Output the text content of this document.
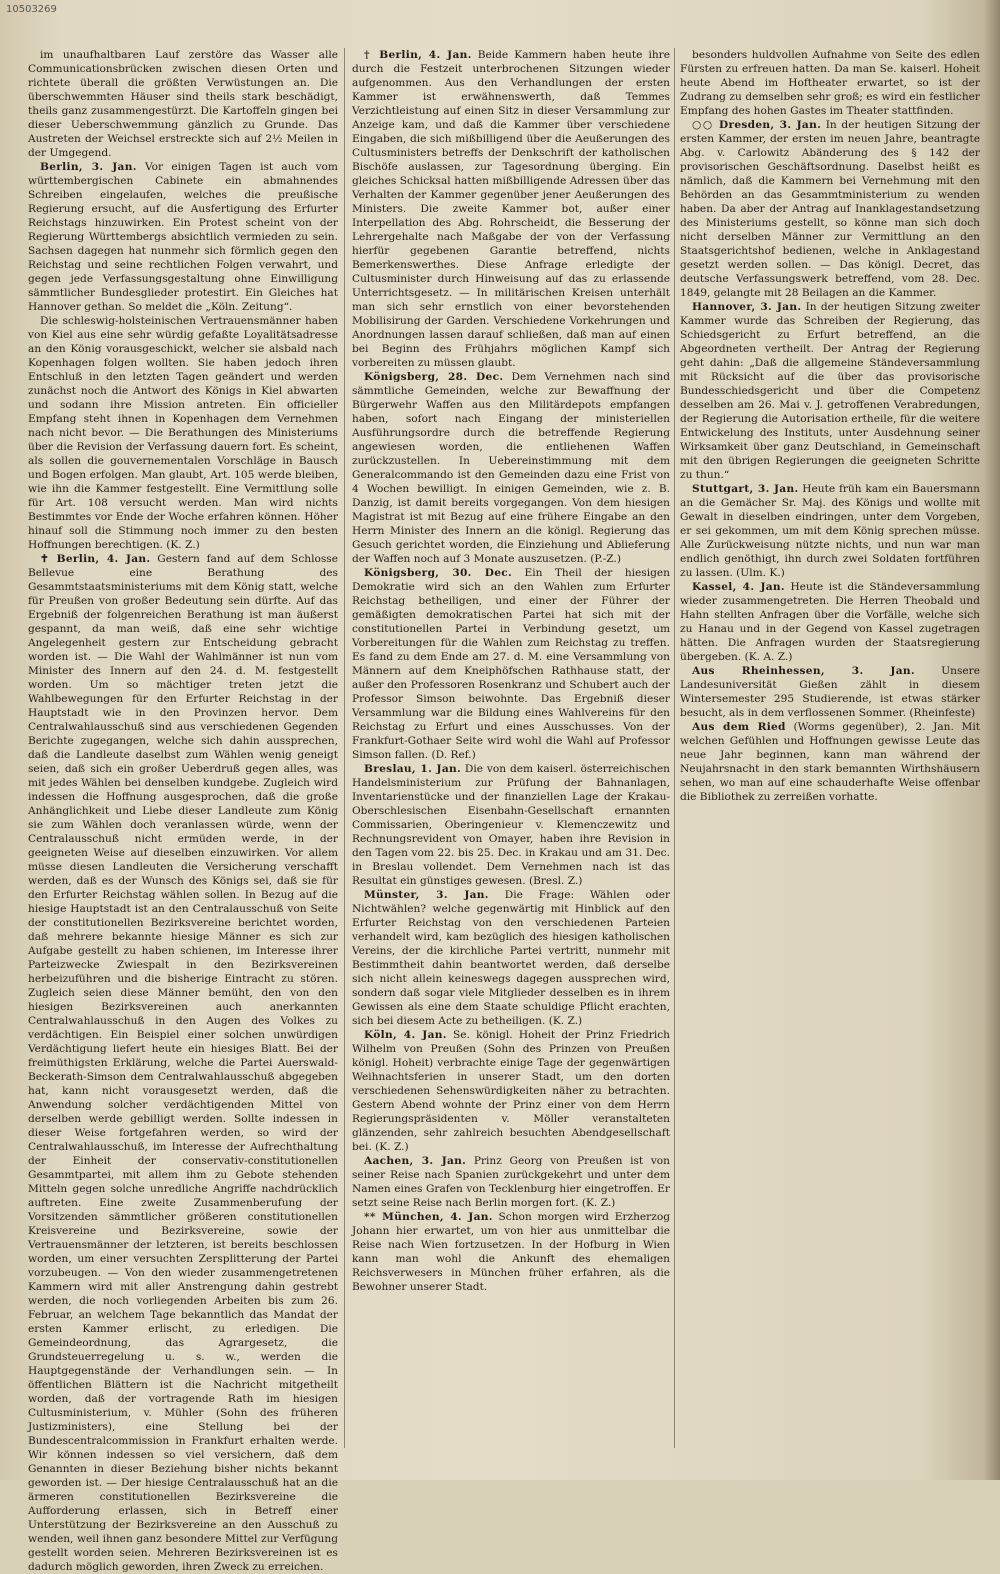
10503269

im unaufhaltbaren Lauf zerstöre das Wasser alle Communicationsbrücken zwischen diesen Orten und richtete überall die größten Verwüstungen an. Die überschwemmten Häuser sind theils stark beschädigt, theils ganz zusammengestürzt. Die Kartoffeln gingen bei dieser Ueberschwemmung gänzlich zu Grunde. Das Austreten der Weichsel erstreckte sich auf 2½ Meilen in der Umgegend.

Berlin, 3. Jan. Vor einigen Tagen ist auch vom württembergischen Cabinete ein abmahnendes Schreiben eingelaufen, welches die preußische Regierung ersucht, auf die Ausfertigung des Erfurter Reichstags hinzuwirken. Ein Protest scheint von der Regierung Württembergs absichtlich vermieden zu sein. Sachsen dagegen hat nunmehr sich förmlich gegen den Reichstag und seine rechtlichen Folgen verwahrt, und gegen jede Verfassungsgestaltung ohne Einwilligung sämmtlicher Bundesglieder protestirt. Ein Gleiches hat Hannover gethan. So meldet die „Köln. Zeitung“.

Die schleswig-holsteinischen Vertrauensmänner haben von Kiel aus eine sehr würdig gefaßte Loyalitätsadresse an den König vorausgeschickt, welcher sie alsbald nach Kopenhagen folgen wollten. Sie haben jedoch ihren Entschluß in den letzten Tagen geändert und werden zunächst noch die Antwort des Königs in Kiel abwarten und sodann ihre Mission antreten. Ein officieller Empfang steht ihnen in Kopenhagen dem Vernehmen nach nicht bevor. — Die Berathungen des Ministeriums über die Revision der Verfassung dauern fort. Es scheint, als sollen die gouvernementalen Vorschläge in Bausch und Bogen erfolgen. Man glaubt, Art. 105 werde bleiben, wie ihn die Kammer festgestellt. Eine Vermittlung solle für Art. 108 versucht werden. Man wird nichts Bestimmtes vor Ende der Woche erfahren können. Höher hinauf soll die Stimmung noch immer zu den besten Hoffnungen berechtigen. (K. Z.)

✝ Berlin, 4. Jan. Gestern fand auf dem Schlosse Bellevue eine Berathung des Gesammtstaatsministeriums mit dem König statt, welche für Preußen von großer Bedeutung sein dürfte. Auf das Ergebniß der folgenreichen Berathung ist man äußerst gespannt, da man weiß, daß eine sehr wichtige Angelegenheit gestern zur Entscheidung gebracht worden ist. — Die Wahl der Wahlmänner ist nun vom Minister des Innern auf den 24. d. M. festgestellt worden. Um so mächtiger treten jetzt die Wahlbewegungen für den Erfurter Reichstag in der Hauptstadt wie in den Provinzen hervor. Dem Centralwahlausschuß sind aus verschiedenen Gegenden Berichte zugegangen, welche sich dahin aussprechen, daß die Landleute daselbst zum Wählen wenig geneigt seien, daß sich ein großer Ueberdruß gegen alles, was mit jedes Wählen bei denselben kundgebe. Zugleich wird indessen die Hoffnung ausgesprochen, daß die große Anhänglichkeit und Liebe dieser Landleute zum König sie zum Wählen doch veranlassen würde, wenn der Centralausschuß nicht ermüden werde, in der geeigneten Weise auf dieselben einzuwirken. Vor allem müsse diesen Landleuten die Versicherung verschafft werden, daß es der Wunsch des Königs sei, daß sie für den Erfurter Reichstag wählen sollen. In Bezug auf die hiesige Hauptstadt ist an den Centralausschuß von Seite der constitutionellen Bezirksvereine berichtet worden, daß mehrere bekannte hiesige Männer es sich zur Aufgabe gestellt zu haben schienen, im Interesse ihrer Parteizwecke Zwiespalt in den Bezirksvereinen herbeizuführen und die bisherige Eintracht zu stören. Zugleich seien diese Männer bemüht, den von den hiesigen Bezirksvereinen auch anerkannten Centralwahlausschuß in den Augen des Volkes zu verdächtigen. Ein Beispiel einer solchen unwürdigen Verdächtigung liefert heute ein hiesiges Blatt. Bei der freimüthigsten Erklärung, welche die Partei Auerswald-Beckerath-Simson dem Centralwahlausschuß abgegeben hat, kann nicht vorausgesetzt werden, daß die Anwendung solcher verdächtigenden Mittel von derselben werde gebilligt werden. Sollte indessen in dieser Weise fortgefahren werden, so wird der Centralwahlausschuß, im Interesse der Aufrechthaltung der Einheit der conservativ-constitutionellen Gesammtpartei, mit allem ihm zu Gebote stehenden Mitteln gegen solche unredliche Angriffe nachdrücklich auftreten. Eine zweite Zusammenberufung der Vorsitzenden sämmtlicher größeren constitutionellen Kreisvereine und Bezirksvereine, sowie der Vertrauensmänner der letzteren, ist bereits beschlossen worden, um einer versuchten Zersplitterung der Partei vorzubeugen. — Von den wieder zusammengetretenen Kammern wird mit aller Anstrengung dahin gestrebt werden, die noch vorliegenden Arbeiten bis zum 26. Februar, an welchem Tage bekanntlich das Mandat der ersten Kammer erlischt, zu erledigen. Die Gemeindeordnung, das Agrargesetz, die Grundsteuerregelung u. s. w., werden die Hauptgegenstände der Verhandlungen sein. — In öffentlichen Blättern ist die Nachricht mitgetheilt worden, daß der vortragende Rath im hiesigen Cultusministerium, v. Mühler (Sohn des früheren Justizministers), eine Stellung bei der Bundescentralcommission in Frankfurt erhalten werde. Wir können indessen so viel versichern, daß dem Genannten in dieser Beziehung bisher nichts bekannt geworden ist. — Der hiesige Centralausschuß hat an die ärmeren constitutionellen Bezirksvereine die Aufforderung erlassen, sich in Betreff einer Unterstützung der Bezirksvereine an den Ausschuß zu wenden, weil ihnen ganz besondere Mittel zur Verfügung gestellt worden seien. Mehreren Bezirksvereinen ist es dadurch möglich geworden, ihren Zweck zu erreichen.

† Berlin, 4. Jan. Beide Kammern haben heute ihre durch die Festzeit unterbrochenen Sitzungen wieder aufgenommen. Aus den Verhandlungen der ersten Kammer ist erwähnenswerth, daß Temmes Verzichtleistung auf einen Sitz in dieser Versammlung zur Anzeige kam, und daß die Kammer über verschiedene Eingaben, die sich mißbilligend über die Aeußerungen des Cultusministers betreffs der Denkschrift der katholischen Bischöfe auslassen, zur Tagesordnung überging. Ein gleiches Schicksal hatten mißbilligende Adressen über das Verhalten der Kammer gegenüber jener Aeußerungen des Ministers. Die zweite Kammer bot, außer einer Interpellation des Abg. Rohrscheidt, die Besserung der Lehrergehalte nach Maßgabe der von der Verfassung hierfür gegebenen Garantie betreffend, nichts Bemerkenswerthes. Diese Anfrage erledigte der Cultusminister durch Hinweisung auf das zu erlassende Unterrichtsgesetz. — In militärischen Kreisen unterhält man sich sehr ernstlich von einer bevorstehenden Mobilisirung der Garden. Verschiedene Vorkehrungen und Anordnungen lassen darauf schließen, daß man auf einen bei Beginn des Frühjahrs möglichen Kampf sich vorbereiten zu müssen glaubt.

Königsberg, 28. Dec. Dem Vernehmen nach sind sämmtliche Gemeinden, welche zur Bewaffnung der Bürgerwehr Waffen aus den Militärdepots empfangen haben, sofort nach Eingang der ministeriellen Ausführungsordre durch die betreffende Regierung angewiesen worden, die entliehenen Waffen zurückzustellen. In Uebereinstimmung mit dem Generalcommando ist den Gemeinden dazu eine Frist von 4 Wochen bewilligt. In einigen Gemeinden, wie z. B. Danzig, ist damit bereits vorgegangen. Von dem hiesigen Magistrat ist mit Bezug auf eine frühere Eingabe an den Herrn Minister des Innern an die königl. Regierung das Gesuch gerichtet worden, die Einziehung und Ablieferung der Waffen noch auf 3 Monate auszusetzen. (P.-Z.)

Königsberg, 30. Dec. Ein Theil der hiesigen Demokratie wird sich an den Wahlen zum Erfurter Reichstag betheiligen, und einer der Führer der gemäßigten demokratischen Partei hat sich mit der constitutionellen Partei in Verbindung gesetzt, um Vorbereitungen für die Wahlen zum Reichstag zu treffen. Es fand zu dem Ende am 27. d. M. eine Versammlung von Männern auf dem Kneiphöfschen Rathhause statt, der außer den Professoren Rosenkranz und Schubert auch der Professor Simson beiwohnte. Das Ergebniß dieser Versammlung war die Bildung eines Wahlvereins für den Reichstag zu Erfurt und eines Ausschusses. Von der Frankfurt-Gothaer Seite wird wohl die Wahl auf Professor Simson fallen. (D. Ref.)

Breslau, 1. Jan. Die von dem kaiserl. österreichischen Handelsministerium zur Prüfung der Bahnanlagen, Inventarienstücke und der finanziellen Lage der Krakau-Oberschlesischen Eisenbahn-Gesellschaft ernannten Commissarien, Oberingenieur v. Klemenczewitz und Rechnungsrevident von Omayer, haben ihre Revision in den Tagen vom 22. bis 25. Dec. in Krakau und am 31. Dec. in Breslau vollendet. Dem Vernehmen nach ist das Resultat ein günstiges gewesen. (Bresl. Z.)

Münster, 3. Jan. Die Frage: Wählen oder Nichtwählen? welche gegenwärtig mit Hinblick auf den Erfurter Reichstag von den verschiedenen Parteien verhandelt wird, kam bezüglich des hiesigen katholischen Vereins, der die kirchliche Partei vertritt, nunmehr mit Bestimmtheit dahin beantwortet werden, daß derselbe sich nicht allein keineswegs dagegen aussprechen wird, sondern daß sogar viele Mitglieder desselben es in ihrem Gewissen als eine dem Staate schuldige Pflicht erachten, sich bei diesem Acte zu betheiligen. (K. Z.)

Köln, 4. Jan. Se. königl. Hoheit der Prinz Friedrich Wilhelm von Preußen (Sohn des Prinzen von Preußen königl. Hoheit) verbrachte einige Tage der gegenwärtigen Weihnachtsferien in unserer Stadt, um den dorten verschiedenen Sehenswürdigkeiten näher zu betrachten. Gestern Abend wohnte der Prinz einer von dem Herrn Regierungspräsidenten v. Möller veranstalteten glänzenden, sehr zahlreich besuchten Abendgesellschaft bei. (K. Z.)

Aachen, 3. Jan. Prinz Georg von Preußen ist von seiner Reise nach Spanien zurückgekehrt und unter dem Namen eines Grafen von Tecklenburg hier eingetroffen. Er setzt seine Reise nach Berlin morgen fort. (K. Z.)

** München, 4. Jan. Schon morgen wird Erzherzog Johann hier erwartet, um von hier aus unmittelbar die Reise nach Wien fortzusetzen. In der Hofburg in Wien kann man wohl die Ankunft des ehemaligen Reichsverwesers in München früher erfahren, als die Bewohner unserer Stadt.

besonders huldvollen Aufnahme von Seite des edlen Fürsten zu erfreuen hatten. Da man Se. kaiserl. Hoheit heute Abend im Hoftheater erwartet, so ist der Zudrang zu demselben sehr groß; es wird ein festlicher Empfang des hohen Gastes im Theater stattfinden.

○○ Dresden, 3. Jan. In der heutigen Sitzung der ersten Kammer, der ersten im neuen Jahre, beantragte Abg. v. Carlowitz Abänderung des § 142 der provisorischen Geschäftsordnung. Daselbst heißt es nämlich, daß die Kammern bei Vernehmung mit den Behörden an das Gesammtministerium zu wenden haben. Da aber der Antrag auf Inanklagestandsetzung des Ministeriums gestellt, so könne man sich doch nicht derselben Männer zur Vermittlung an den Staatsgerichtshof bedienen, welche in Anklagestand gesetzt werden sollen. — Das königl. Decret, das deutsche Verfassungswerk betreffend, vom 28. Dec. 1849, gelangte mit 28 Beilagen an die Kammer.

Hannover, 3. Jan. In der heutigen Sitzung zweiter Kammer wurde das Schreiben der Regierung, das Schiedsgericht zu Erfurt betreffend, an die Abgeordneten vertheilt. Der Antrag der Regierung geht dahin: „Daß die allgemeine Ständeversammlung mit Rücksicht auf die über das provisorische Bundesschiedsgericht und über die Competenz desselben am 26. Mai v. J. getroffenen Verabredungen, der Regierung die Autorisation ertheile, für die weitere Entwickelung des Instituts, unter Ausdehnung seiner Wirksamkeit über ganz Deutschland, in Gemeinschaft mit den übrigen Regierungen die geeigneten Schritte zu thun.“

Stuttgart, 3. Jan. Heute früh kam ein Bauersmann an die Gemächer Sr. Maj. des Königs und wollte mit Gewalt in dieselben eindringen, unter dem Vorgeben, er sei gekommen, um mit dem König sprechen müsse. Alle Zurückweisung nützte nichts, und nun war man endlich genöthigt, ihn durch zwei Soldaten fortführen zu lassen. (Ulm. K.)

Kassel, 4. Jan. Heute ist die Ständeversammlung wieder zusammengetreten. Die Herren Theobald und Hahn stellten Anfragen über die Vorfälle, welche sich zu Hanau und in der Gegend von Kassel zugetragen hätten. Die Anfragen wurden der Staatsregierung übergeben. (K. A. Z.)

Aus Rheinhessen, 3. Jan. Unsere Landesuniversität Gießen zählt in diesem Wintersemester 295 Studierende, ist etwas stärker besucht, als in dem verflossenen Sommer. (Rheinfeste)

Aus dem Ried (Worms gegenüber), 2. Jan. Mit welchen Gefühlen und Hoffnungen gewisse Leute das neue Jahr beginnen, kann man während der Neujahrsnacht in den stark bemannten Wirthshäusern sehen, wo man auf eine schauderhafte Weise offenbar die Bibliothek zu zerreißen vorhatte.
